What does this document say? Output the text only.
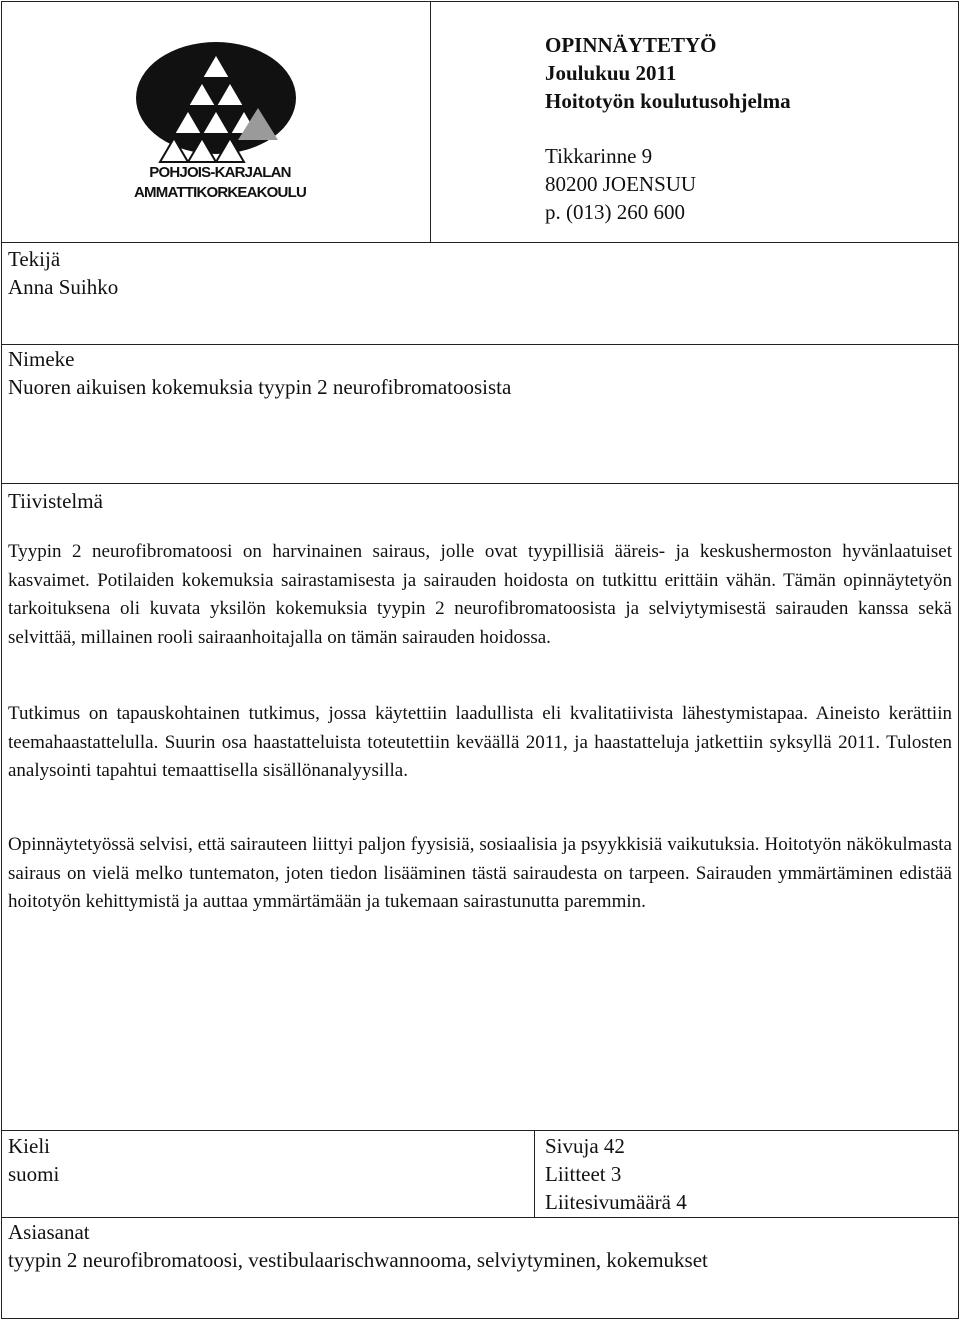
POHJOIS-KARJALAN
AMMATTIKORKEAKOULU
OPINNÄYTETYÖ
Joulukuu 2011
Hoitotyön koulutusohjelma
Tikkarinne 9
80200 JOENSUU
p. (013) 260 600
Tekijä
Anna Suihko
Nimeke
Nuoren aikuisen kokemuksia tyypin 2 neurofibromatoosista
Tiivistelmä

Tyypin 2 neurofibromatoosi on harvinainen sairaus, jolle ovat tyypillisiä ääreis- ja keskushermoston hyvänlaatuiset kasvaimet. Potilaiden kokemuksia sairastamisesta ja sairauden hoidosta on tutkittu erittäin vähän. Tämän opinnäytetyön tarkoituksena oli kuvata yksilön kokemuksia tyypin 2 neurofibromatoosista ja selviytymisestä sairauden kanssa sekä selvittää, millainen rooli sairaanhoitajalla on tämän sairauden hoidossa.

Tutkimus on tapauskohtainen tutkimus, jossa käytettiin laadullista eli kvalitatiivista lähestymistapaa. Aineisto kerättiin teemahaastattelulla. Suurin osa haastatteluista toteutettiin keväällä 2011, ja haastatteluja jatkettiin syksyllä 2011. Tulosten analysointi tapahtui temaattisella sisällönanalyysilla.

Opinnäytetyössä selvisi, että sairauteen liittyi paljon fyysisiä, sosiaalisia ja psyykkisiä vaikutuksia. Hoitotyön näkökulmasta sairaus on vielä melko tuntematon, joten tiedon lisääminen tästä sairaudesta on tarpeen. Sairauden ymmärtäminen edistää hoitotyön kehittymistä ja auttaa ymmärtämään ja tukemaan sairastunutta paremmin.

Kieli
suomi
Sivuja 42
Liitteet 3
Liitesivumäärä 4
Asiasanat
tyypin 2 neurofibromatoosi, vestibulaarischwannooma, selviytyminen, kokemukset
